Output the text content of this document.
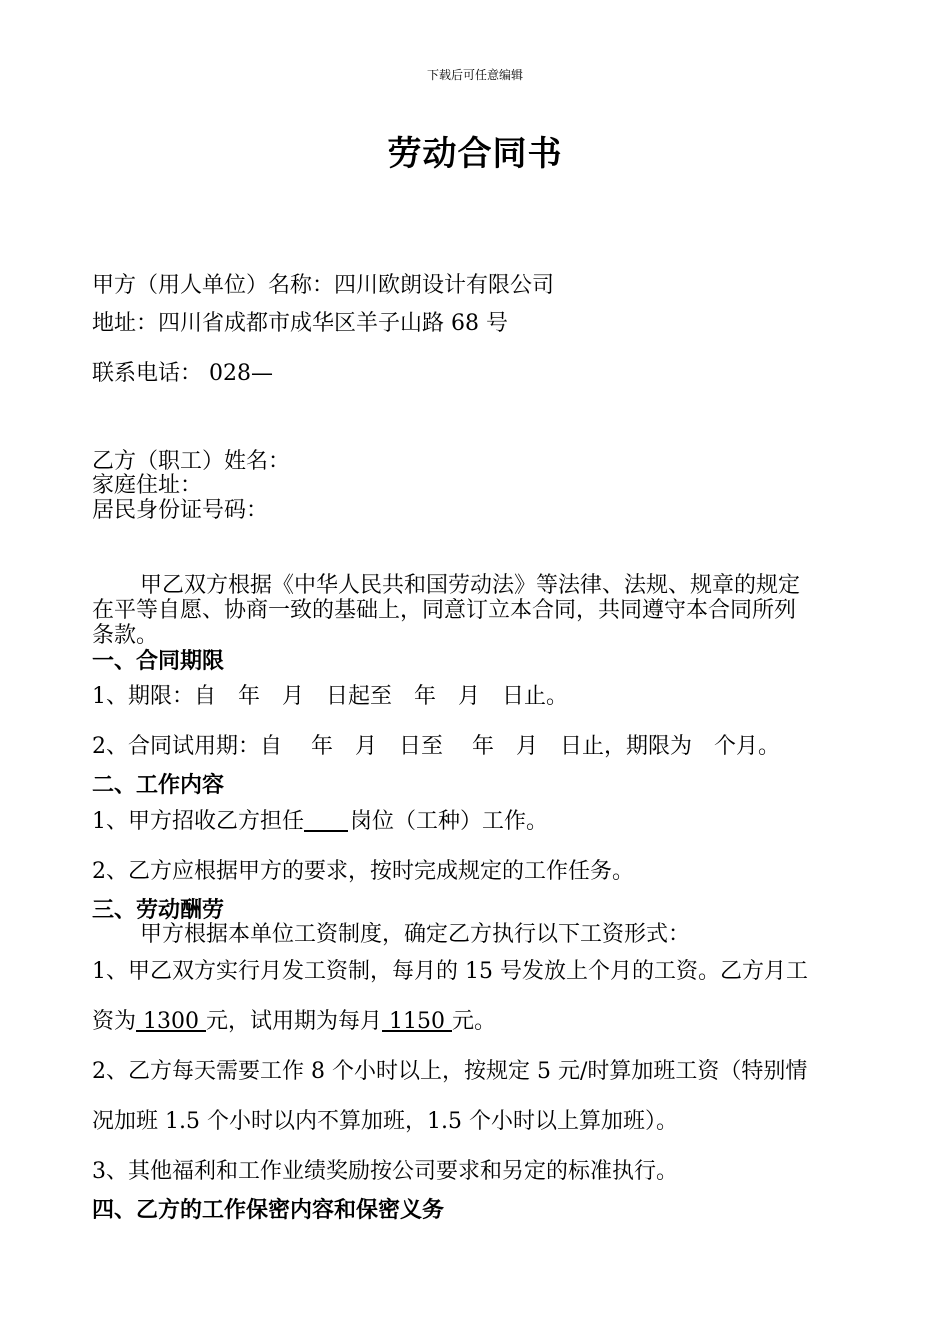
下载后可任意编辑
劳动合同书
甲方（用人单位）名称：四川欧朗设计有限公司
地址：四川省成都市成华区羊子山路 68 号
联系电话： 028—
乙方（职工）姓名：
家庭住址：
居民身份证号码：
甲乙双方根据《中华人民共和国劳动法》等法律、法规、规章的规定
在平等自愿、协商一致的基础上，同意订立本合同，共同遵守本合同所列
条款。
一、合同期限
1、期限：自　年　月　日起至　年　月　日止。
2、合同试用期：自　 年　月　日至　 年　月　日止，期限为　个月。
二、工作内容
1、甲方招收乙方担任 岗位（工种）工作。
2、乙方应根据甲方的要求，按时完成规定的工作任务。
三、劳动酬劳
甲方根据本单位工资制度，确定乙方执行以下工资形式：
1、甲乙双方实行月发工资制，每月的 15 号发放上个月的工资。乙方月工
资为 1300 元，试用期为每月 1150 元。
2、乙方每天需要工作 8 个小时以上，按规定 5 元/时算加班工资（特别情
况加班 1.5 个小时以内不算加班，1.5 个小时以上算加班）。
3、其他福利和工作业绩奖励按公司要求和另定的标准执行。
四、乙方的工作保密内容和保密义务
